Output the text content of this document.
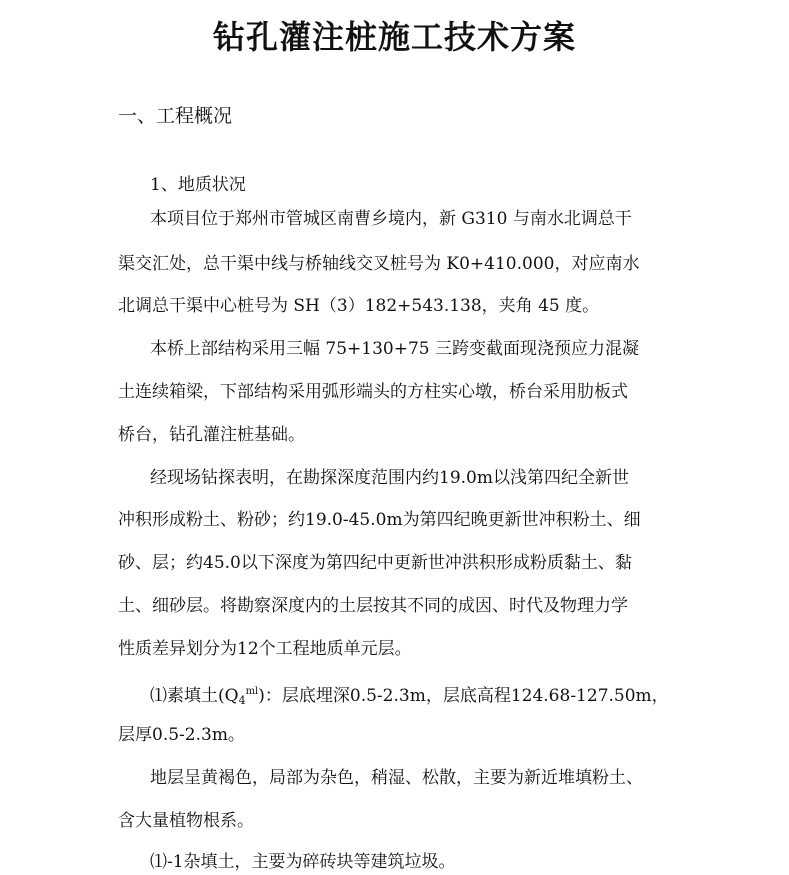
钻孔灌注桩施工技术方案
一、工程概况
1、地质状况
本项目位于郑州市管城区南曹乡境内，新 G310 与南水北调总干
渠交汇处，总干渠中线与桥轴线交叉桩号为 K0+410.000，对应南水
北调总干渠中心桩号为 SH（3）182+543.138，夹角 45 度。
本桥上部结构采用三幅 75+130+75 三跨变截面现浇预应力混凝
土连续箱梁，下部结构采用弧形端头的方柱实心墩，桥台采用肋板式
桥台，钻孔灌注桩基础。
经现场钻探表明，在勘探深度范围内约19.0m以浅第四纪全新世
冲积形成粉土、粉砂；约19.0-45.0m为第四纪晚更新世冲积粉土、细
砂、层；约45.0以下深度为第四纪中更新世冲洪积形成粉质黏土、黏
土、细砂层。将勘察深度内的土层按其不同的成因、时代及物理力学
性质差异划分为12个工程地质单元层。
⑴素填土$(Q_4^{ml})$：层底埋深0.5-2.3m，层底高程124.68-127.50m，
层厚0.5-2.3m。
地层呈黄褐色，局部为杂色，稍湿、松散，主要为新近堆填粉土、
含大量植物根系。
⑴-1杂填土，主要为碎砖块等建筑垃圾。
